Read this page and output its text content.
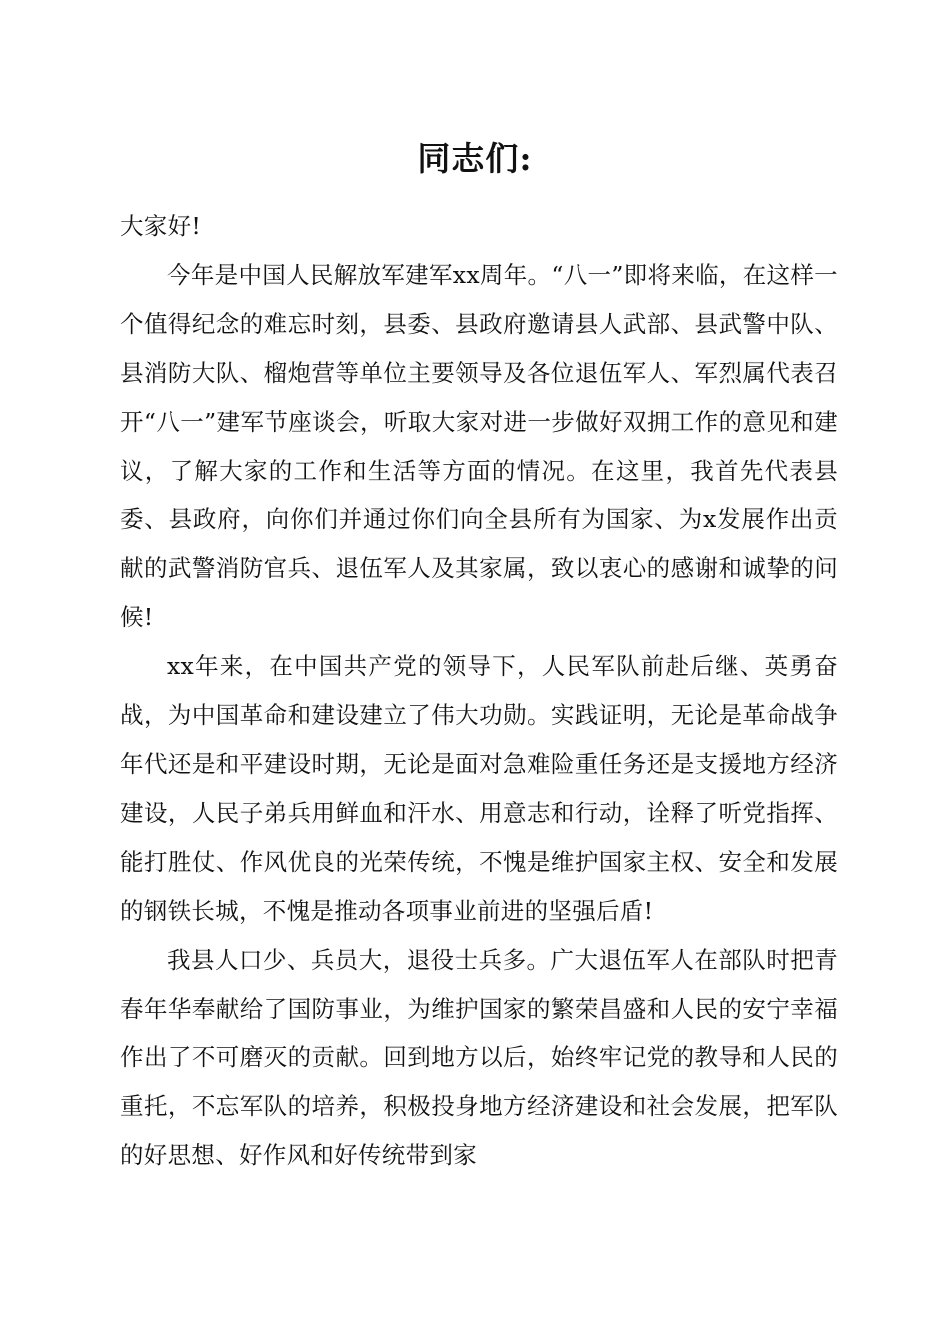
同志们:

大家好!

今年是中国人民解放军建军xx周年。“八一”即将来临，在这样一个值得纪念的难忘时刻，县委、县政府邀请县人武部、县武警中队、县消防大队、榴炮营等单位主要领导及各位退伍军人、军烈属代表召开“八一”建军节座谈会，听取大家对进一步做好双拥工作的意见和建议，了解大家的工作和生活等方面的情况。在这里，我首先代表县委、县政府，向你们并通过你们向全县所有为国家、为x发展作出贡献的武警消防官兵、退伍军人及其家属，致以衷心的感谢和诚挚的问候!

xx年来，在中国共产党的领导下，人民军队前赴后继、英勇奋战，为中国革命和建设建立了伟大功勋。实践证明，无论是革命战争年代还是和平建设时期，无论是面对急难险重任务还是支援地方经济建设，人民子弟兵用鲜血和汗水、用意志和行动，诠释了听党指挥、能打胜仗、作风优良的光荣传统，不愧是维护国家主权、安全和发展的钢铁长城，不愧是推动各项事业前进的坚强后盾!

我县人口少、兵员大，退役士兵多。广大退伍军人在部队时把青春年华奉献给了国防事业，为维护国家的繁荣昌盛和人民的安宁幸福作出了不可磨灭的贡献。回到地方以后，始终牢记党的教导和人民的重托，不忘军队的培养，积极投身地方经济建设和社会发展，把军队的好思想、好作风和好传统带到家
